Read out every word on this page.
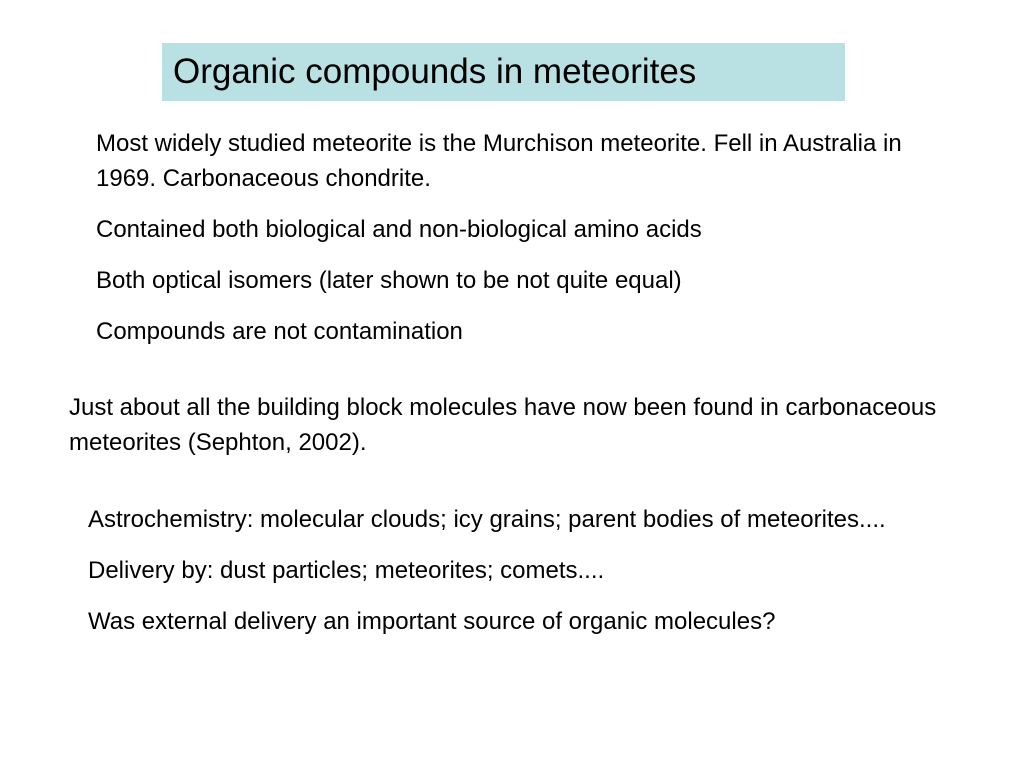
Organic compounds in meteorites

Most widely studied meteorite is the Murchison meteorite. Fell in Australia in 1969. Carbonaceous chondrite.

Contained both biological and non-biological amino acids

Both optical isomers (later shown to be not quite equal)

Compounds are not contamination

Just about all the building block molecules have now been found in carbonaceous meteorites (Sephton, 2002).

Astrochemistry: molecular clouds; icy grains; parent bodies of meteorites....

Delivery by: dust particles; meteorites; comets....

Was external delivery an important source of organic molecules?
